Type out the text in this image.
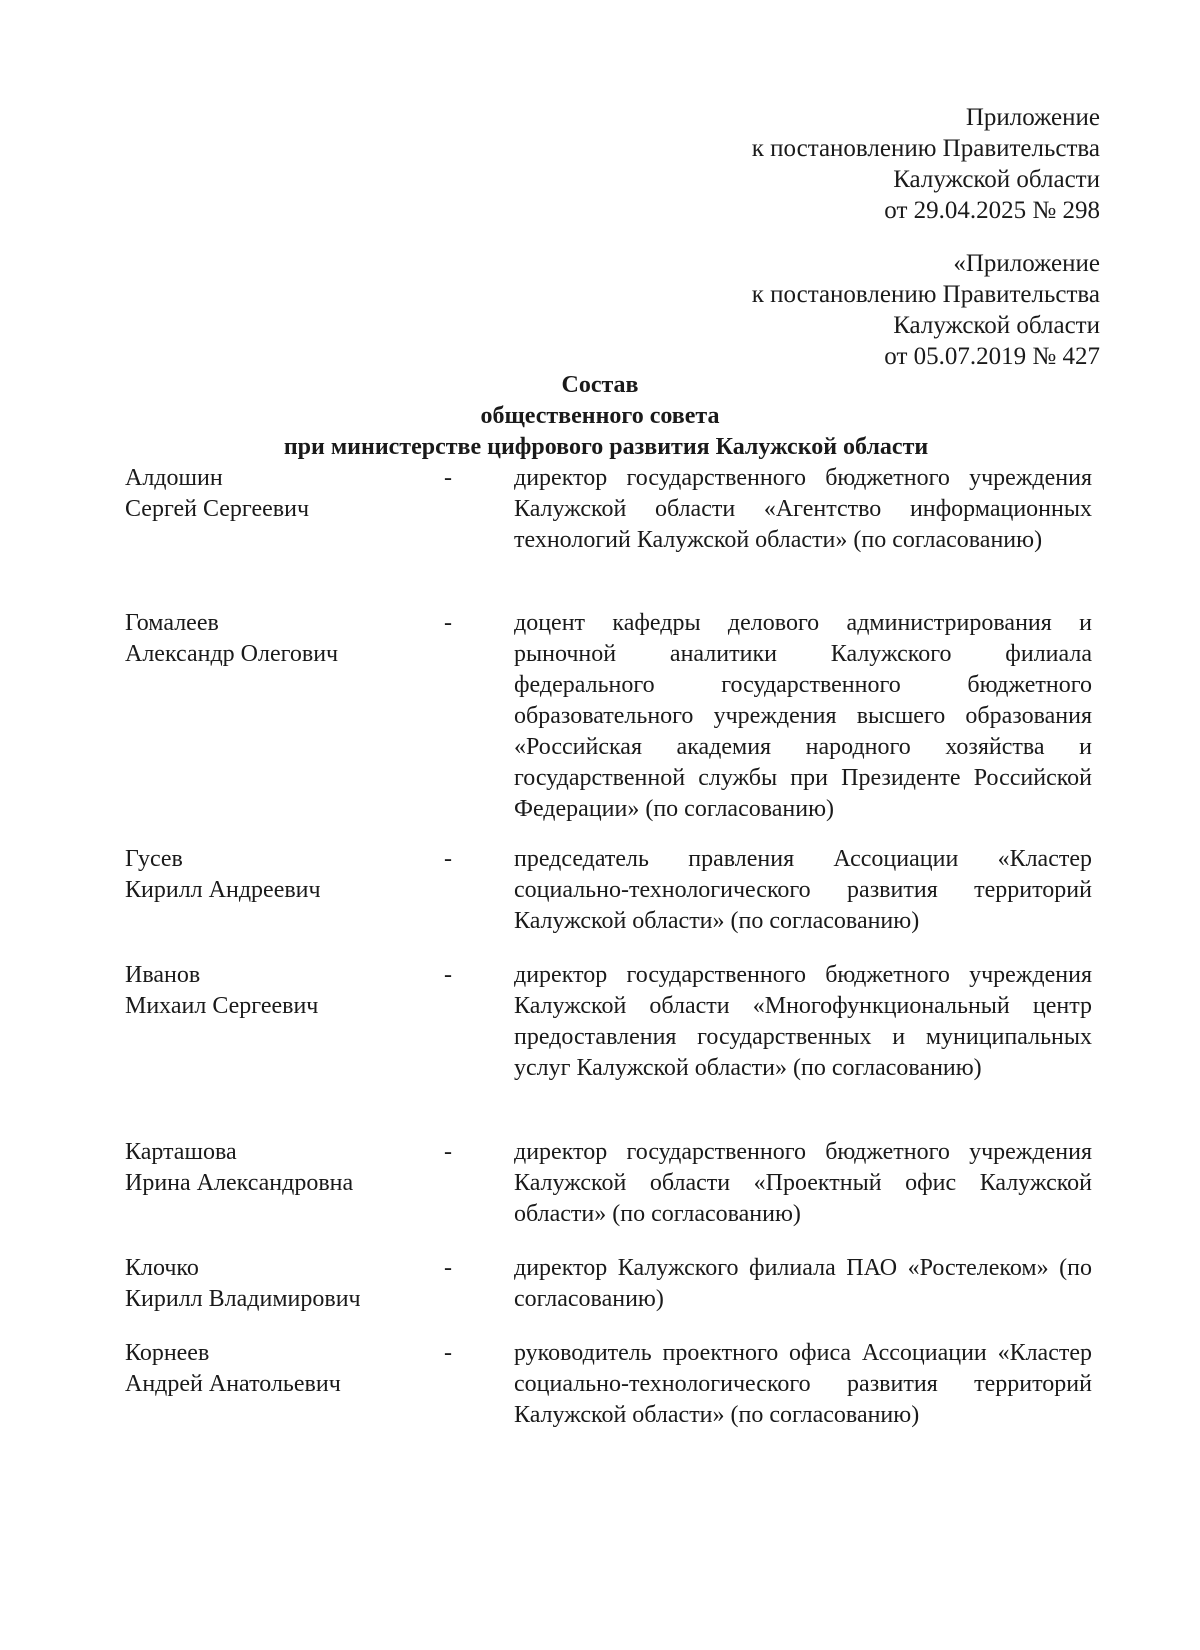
Приложение
к постановлению Правительства
Калужской области
от 29.04.2025 № 298
«Приложение
к постановлению Правительства
Калужской области
от 05.07.2019 № 427
Состав
общественного совета
при министерстве цифрового развития Калужской области
Алдошин
Сергей Сергеевич
-	директор государственного бюджетного учреждения Калужской области «Агентство информационных технологий Калужской области» (по согласованию)
Гомалеев
Александр Олегович
-	доцент кафедры делового администрирования и рыночной аналитики Калужского филиала федерального государственного бюджетного образовательного учреждения высшего образования «Российская академия народного хозяйства и государственной службы при Президенте Российской Федерации» (по согласованию)
Гусев
Кирилл Андреевич
-	председатель правления Ассоциации «Кластер социально-технологического развития территорий Калужской области» (по согласованию)
Иванов
Михаил Сергеевич
-	директор государственного бюджетного учреждения Калужской области «Многофункциональный центр предоставления государственных и муниципальных услуг Калужской области» (по согласованию)
Карташова
Ирина Александровна
-	директор государственного бюджетного учреждения Калужской области «Проектный офис Калужской области» (по согласованию)
Клочко
Кирилл Владимирович
-	директор Калужского филиала ПАО «Ростелеком» (по согласованию)
Корнеев
Андрей Анатольевич
-	руководитель проектного офиса Ассоциации «Кластер социально-технологического развития территорий Калужской области» (по согласованию)
